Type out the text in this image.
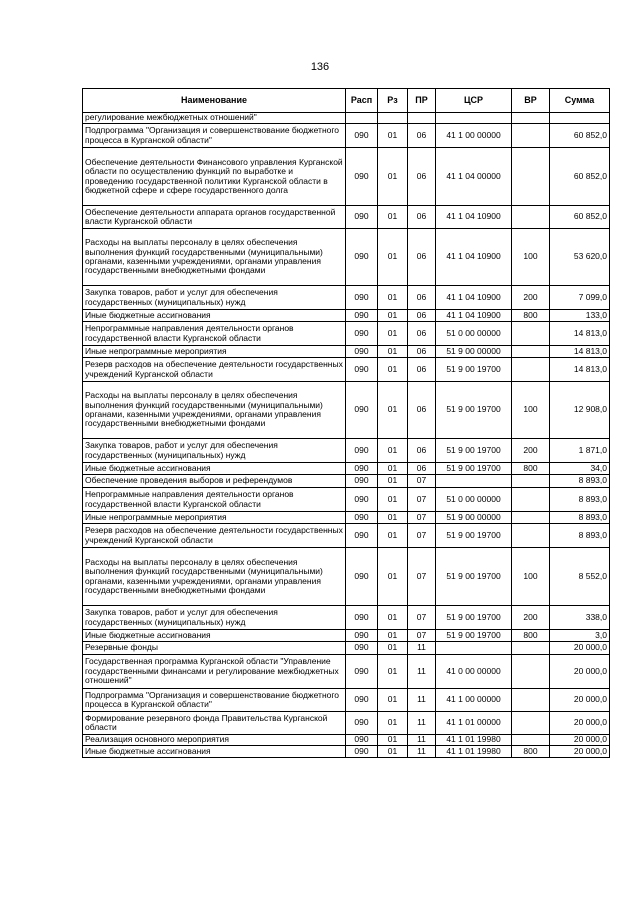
136
Наименование	Расп	Рз	ПР	ЦСР	ВР	Сумма
регулирование межбюджетных отношений"						
Подпрограмма "Организация и совершенствование бюджетного процесса в Курганской области"	090	01	06	41 1 00 00000		60 852,0
Обеспечение деятельности Финансового управления Курганской области по осуществлению функций по выработке и проведению государственной политики Курганской области в бюджетной сфере и сфере государственного долга	090	01	06	41 1 04 00000		60 852,0
Обеспечение деятельности аппарата органов государственной власти Курганской области	090	01	06	41 1 04 10900		60 852,0
Расходы на выплаты персоналу в целях обеспечения выполнения функций государственными (муниципальными) органами, казенными учреждениями, органами управления государственными внебюджетными фондами	090	01	06	41 1 04 10900	100	53 620,0
Закупка товаров, работ и услуг для обеспечения государственных (муниципальных) нужд	090	01	06	41 1 04 10900	200	7 099,0
Иные бюджетные ассигнования	090	01	06	41 1 04 10900	800	133,0
Непрограммные направления деятельности органов государственной власти Курганской области	090	01	06	51 0 00 00000		14 813,0
Иные непрограммные мероприятия	090	01	06	51 9 00 00000		14 813,0
Резерв расходов на обеспечение деятельности государственных учреждений Курганской области	090	01	06	51 9 00 19700		14 813,0
Расходы на выплаты персоналу в целях обеспечения выполнения функций государственными (муниципальными) органами, казенными учреждениями, органами управления государственными внебюджетными фондами	090	01	06	51 9 00 19700	100	12 908,0
Закупка товаров, работ и услуг для обеспечения государственных (муниципальных) нужд	090	01	06	51 9 00 19700	200	1 871,0
Иные бюджетные ассигнования	090	01	06	51 9 00 19700	800	34,0
Обеспечение проведения выборов и референдумов	090	01	07			8 893,0
Непрограммные направления деятельности органов государственной власти Курганской области	090	01	07	51 0 00 00000		8 893,0
Иные непрограммные мероприятия	090	01	07	51 9 00 00000		8 893,0
Резерв расходов на обеспечение деятельности государственных учреждений Курганской области	090	01	07	51 9 00 19700		8 893,0
Расходы на выплаты персоналу в целях обеспечения выполнения функций государственными (муниципальными) органами, казенными учреждениями, органами управления государственными внебюджетными фондами	090	01	07	51 9 00 19700	100	8 552,0
Закупка товаров, работ и услуг для обеспечения государственных (муниципальных) нужд	090	01	07	51 9 00 19700	200	338,0
Иные бюджетные ассигнования	090	01	07	51 9 00 19700	800	3,0
Резервные фонды	090	01	11			20 000,0
Государственная программа Курганской области "Управление государственными финансами и регулирование межбюджетных отношений"	090	01	11	41 0 00 00000		20 000,0
Подпрограмма "Организация и совершенствование бюджетного процесса в Курганской области"	090	01	11	41 1 00 00000		20 000,0
Формирование резервного фонда Правительства Курганской области	090	01	11	41 1 01 00000		20 000,0
Реализация основного мероприятия	090	01	11	41 1 01 19980		20 000,0
Иные бюджетные ассигнования	090	01	11	41 1 01 19980	800	20 000,0
